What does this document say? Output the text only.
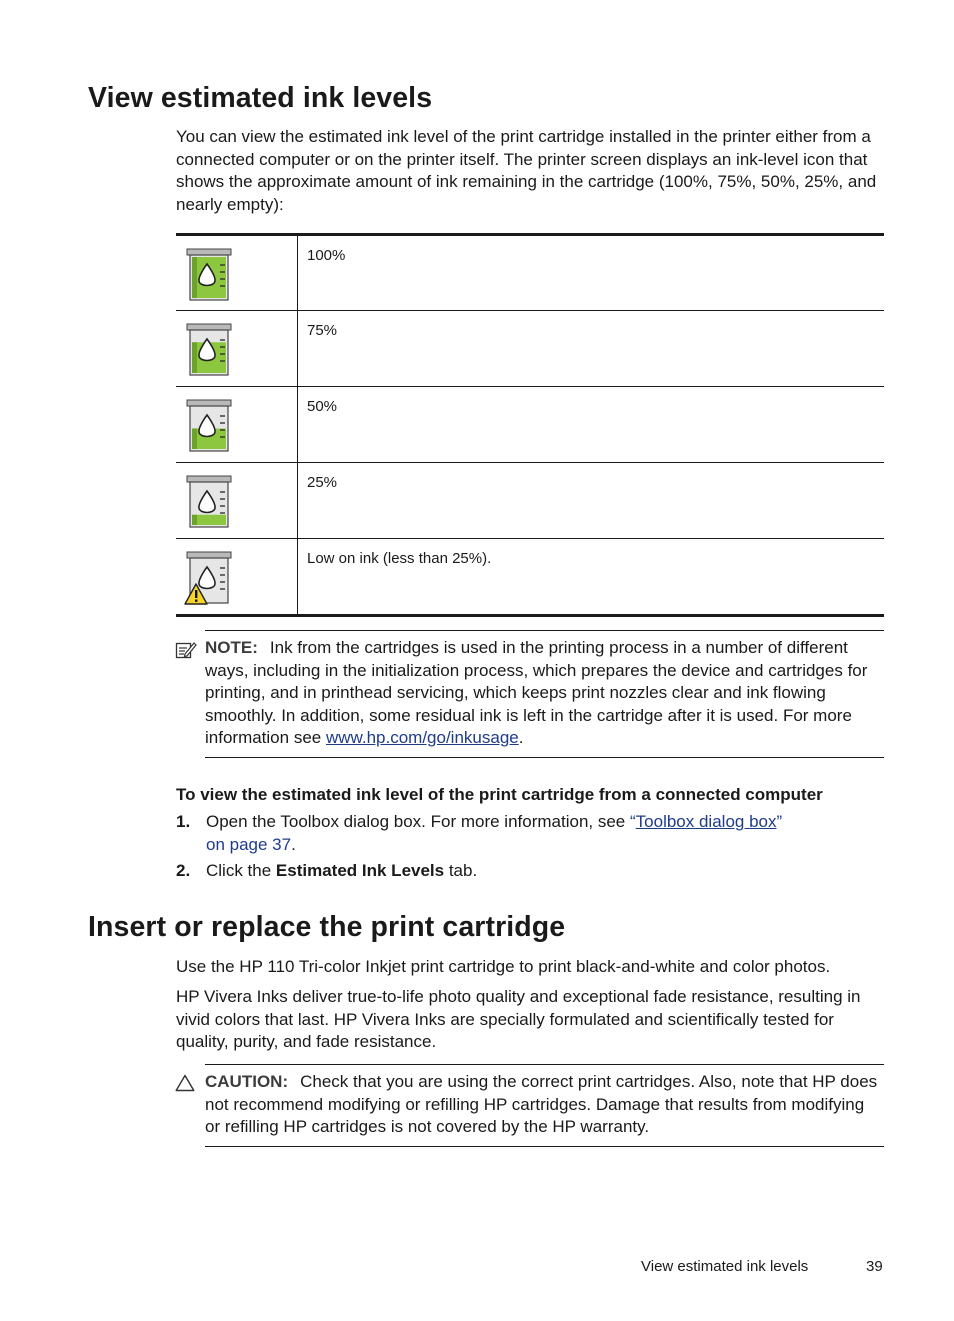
View estimated ink levels

You can view the estimated ink level of the print cartridge installed in the printer either from a connected computer or on the printer itself. The printer screen displays an ink-level icon that shows the approximate amount of ink remaining in the cartridge (100%, 75%, 50%, 25%, and nearly empty):

100%
75%
50%
25%
Low on ink (less than 25%).
NOTE: Ink from the cartridges is used in the printing process in a number of different ways, including in the initialization process, which prepares the device and cartridges for printing, and in printhead servicing, which keeps print nozzles clear and ink flowing smoothly. In addition, some residual ink is left in the cartridge after it is used. For more information see www.hp.com/go/inkusage.
To view the estimated ink level of the print cartridge from a connected computer
1. Open the Toolbox dialog box. For more information, see “Toolbox dialog box”
on page 37.
2. Click the Estimated Ink Levels tab.
Insert or replace the print cartridge

Use the HP 110 Tri-color Inkjet print cartridge to print black-and-white and color photos.

HP Vivera Inks deliver true-to-life photo quality and exceptional fade resistance, resulting in vivid colors that last. HP Vivera Inks are specially formulated and scientifically tested for quality, purity, and fade resistance.

CAUTION: Check that you are using the correct print cartridges. Also, note that HP does not recommend modifying or refilling HP cartridges. Damage that results from modifying or refilling HP cartridges is not covered by the HP warranty.
View estimated ink levels	39
